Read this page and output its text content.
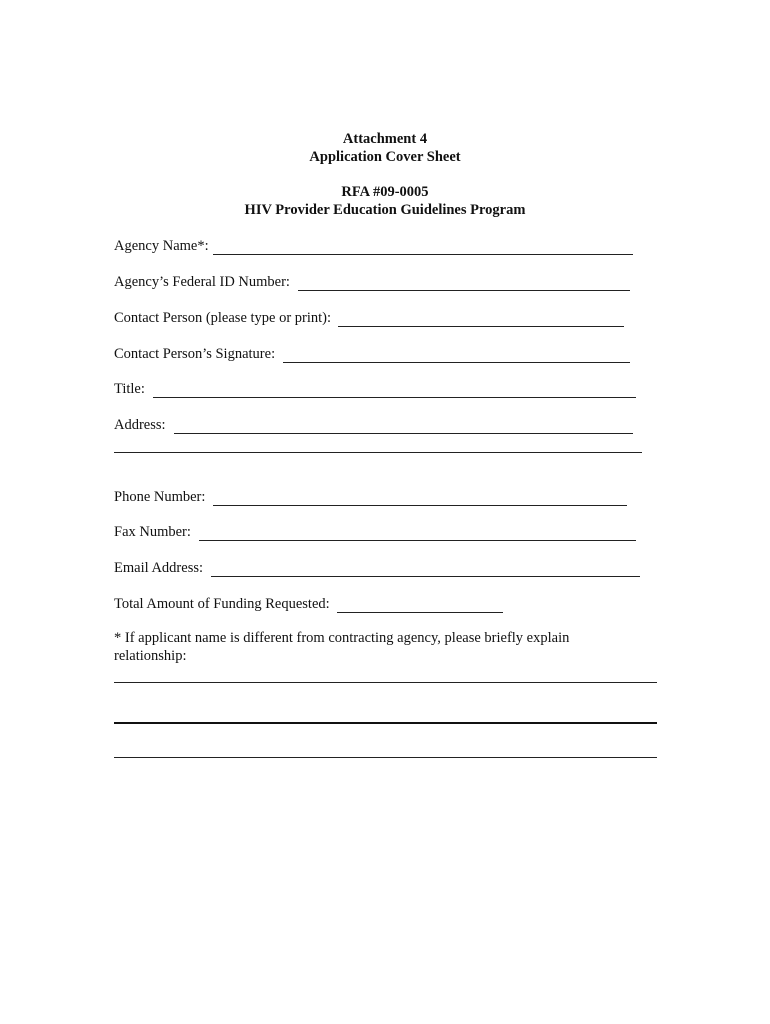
Attachment 4
Application Cover Sheet
RFA #09-0005
HIV Provider Education Guidelines Program
Agency Name*:
Agency’s Federal ID Number:
Contact Person (please type or print):
Contact Person’s Signature:
Title:
Address:
Phone Number:
Fax Number:
Email Address:
Total Amount of Funding Requested:
* If applicant name is different from contracting agency, please briefly explain relationship:
